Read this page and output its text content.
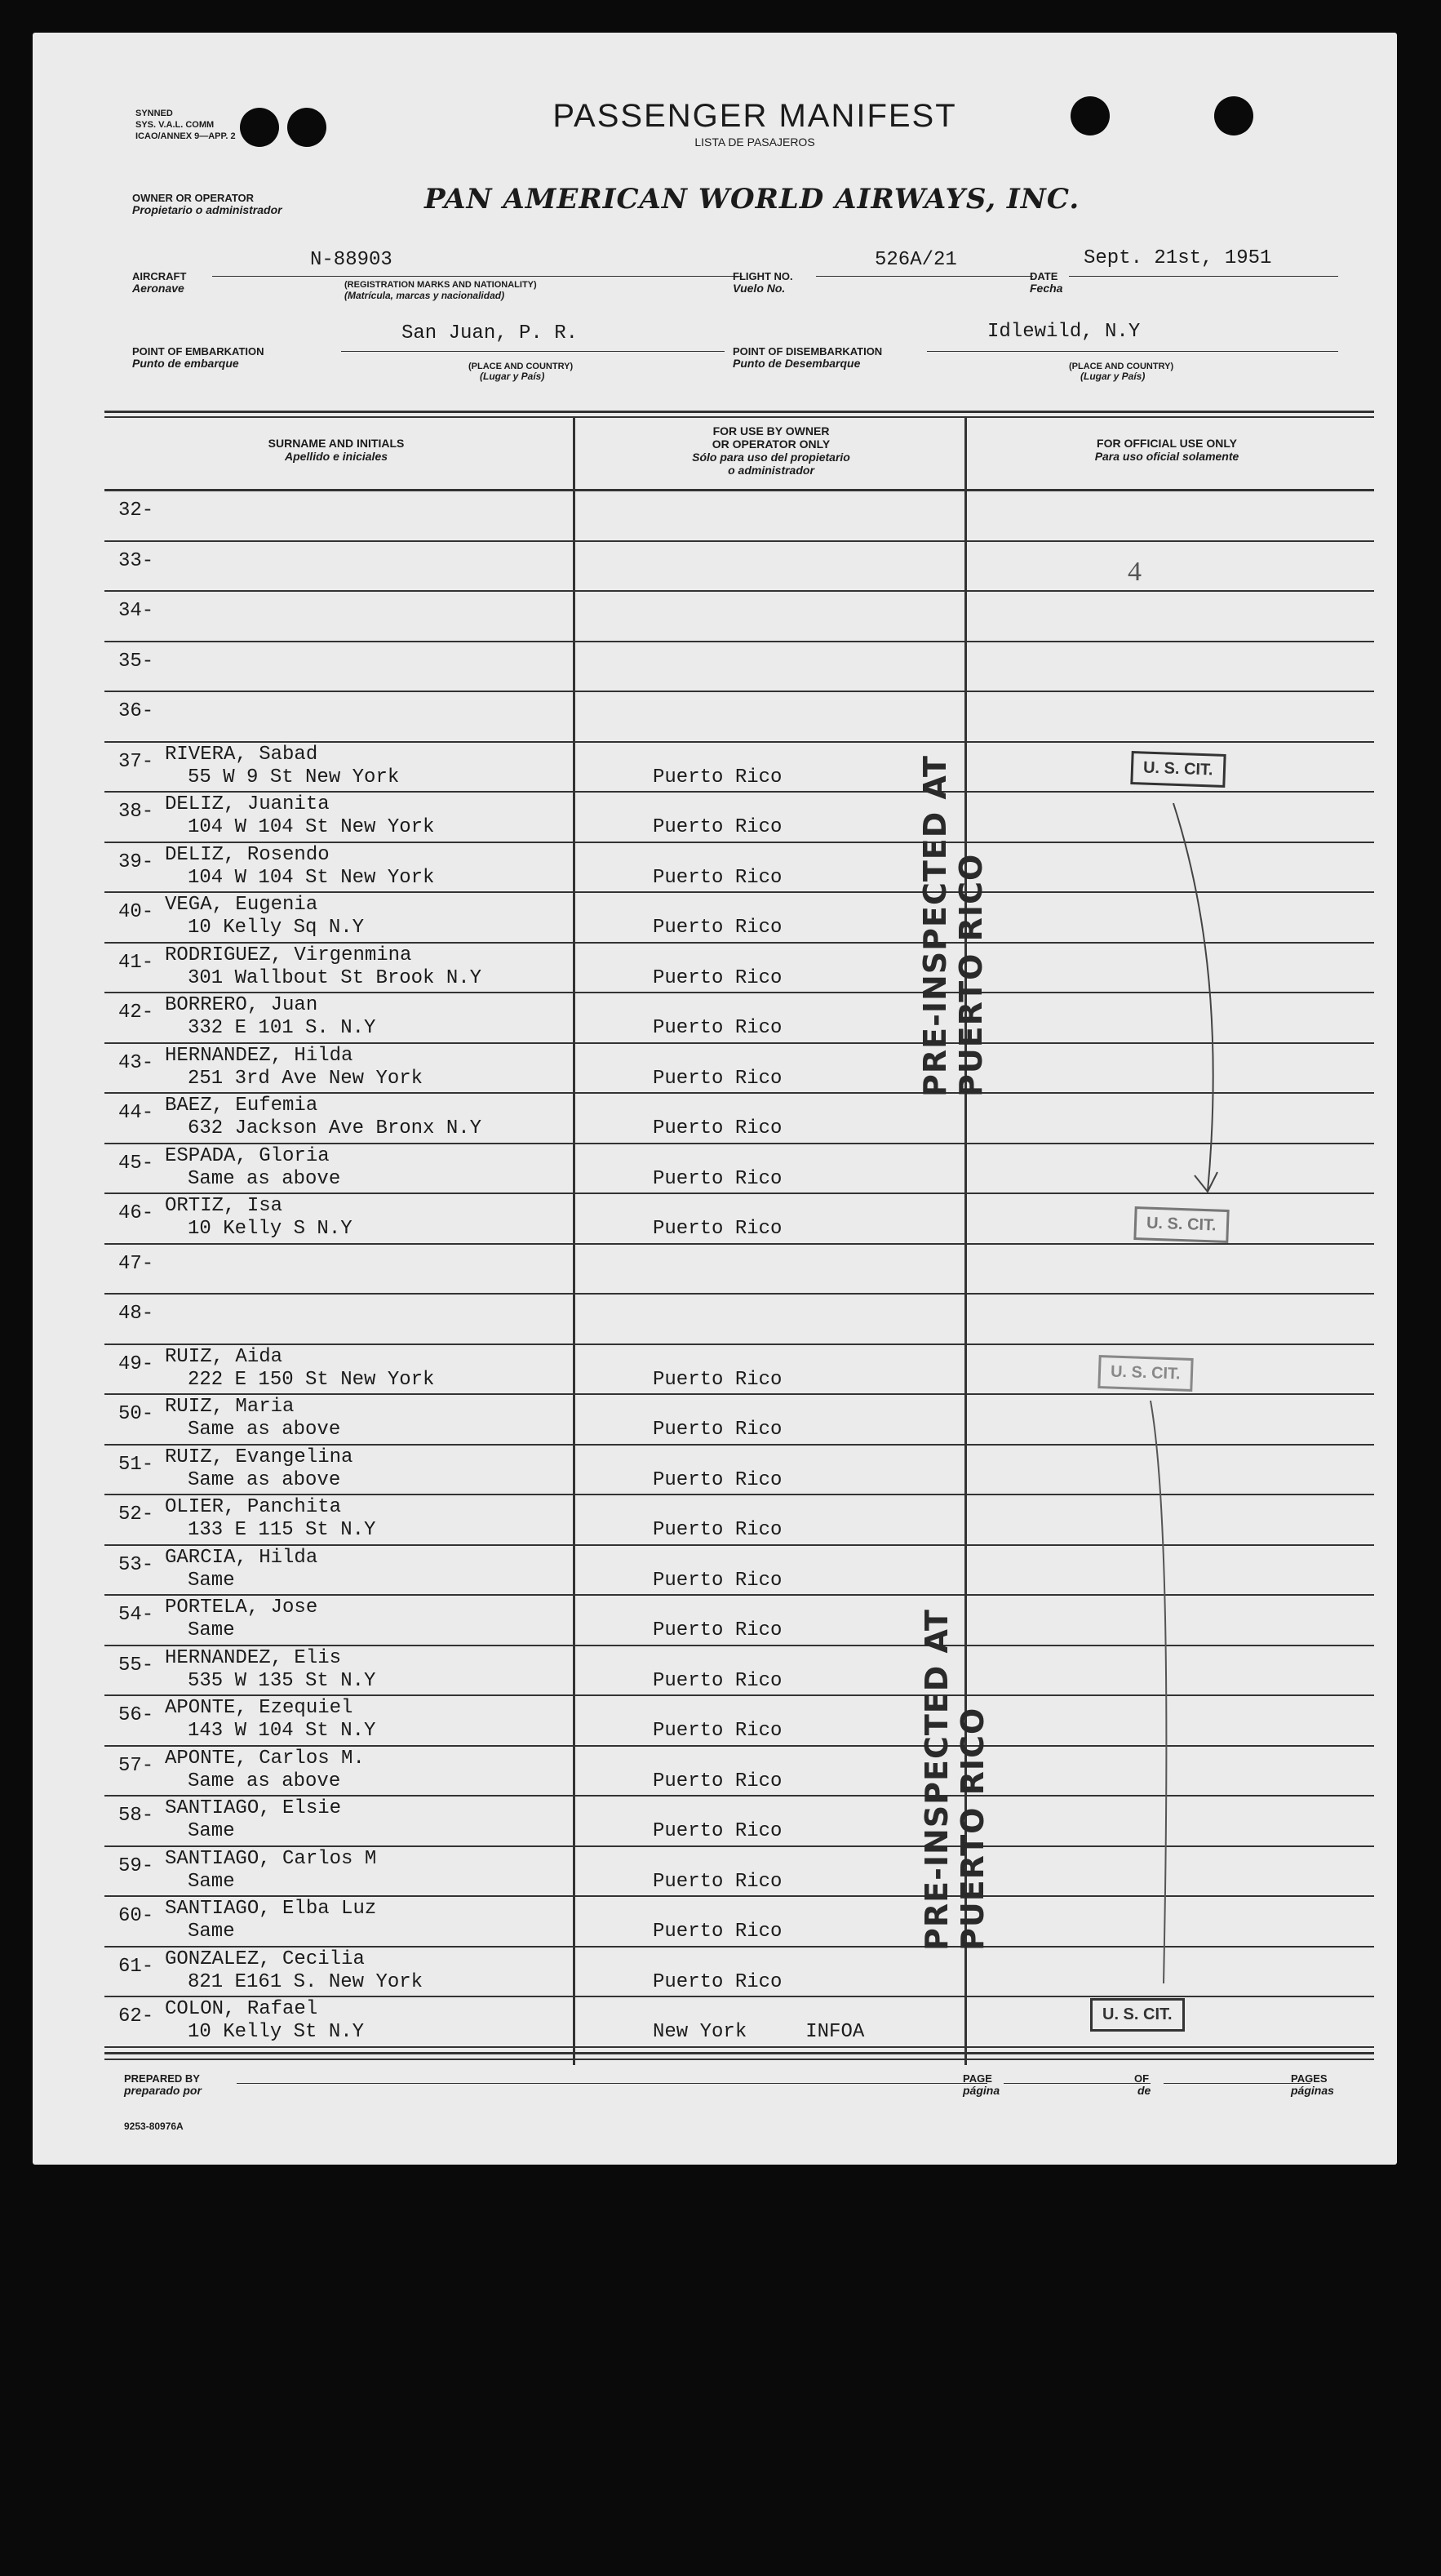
SYNNED
SYS. V.A.L. COMM
ICAO/ANNEX 9—APP. 2
PASSENGER MANIFEST
LISTA DE PASAJEROS
OWNER OR OPERATOR
Propietario o administrador	PAN AMERICAN WORLD AIRWAYS, INC.
AIRCRAFT
Aeronave
N-88903
(REGISTRATION MARKS AND NATIONALITY)
(Matrícula, marcas y nacionalidad)
FLIGHT NO.
Vuelo No.
526A/21
DATE
Fecha
Sept. 21st, 1951
POINT OF EMBARKATION
Punto de embarque
San Juan, P. R.
(PLACE AND COUNTRY)
(Lugar y País)
POINT OF DISEMBARKATION
Punto de Desembarque
Idlewild, N.Y
(PLACE AND COUNTRY)
(Lugar y País)
SURNAME AND INITIALS
Apellido e iniciales
FOR USE BY OWNER
OR OPERATOR ONLY
Sólo para uso del propietario
o administrador
FOR OFFICIAL USE ONLY
Para uso oficial solamente
32-
33-
34-
35-
36-
37- RIVERA, Sabad
55 W 9 St New York	Puerto Rico
38- DELIZ, Juanita
104 W 104 St New York	Puerto Rico
39- DELIZ, Rosendo
104 W 104 St New York	Puerto Rico
40- VEGA, Eugenia
10 Kelly Sq N.Y	Puerto Rico
41- RODRIGUEZ, Virgenmina
301 Wallbout St Brook N.Y	Puerto Rico
42- BORRERO, Juan
332 E 101 S. N.Y	Puerto Rico
43- HERNANDEZ, Hilda
251 3rd Ave New York	Puerto Rico
44- BAEZ, Eufemia
632 Jackson Ave Bronx N.Y	Puerto Rico
45- ESPADA, Gloria
Same as above	Puerto Rico
46- ORTIZ, Isa
10 Kelly S N.Y	Puerto Rico
47-
48-
49- RUIZ, Aida
222 E 150 St New York	Puerto Rico
50- RUIZ, Maria
Same as above	Puerto Rico
51- RUIZ, Evangelina
Same as above	Puerto Rico
52- OLIER, Panchita
133 E 115 St N.Y	Puerto Rico
53- GARCIA, Hilda
Same	Puerto Rico
54- PORTELA, Jose
Same	Puerto Rico
55- HERNANDEZ, Elis
535 W 135 St N.Y	Puerto Rico
56- APONTE, Ezequiel
143 W 104 St N.Y	Puerto Rico
57- APONTE, Carlos M.
Same as above	Puerto Rico
58- SANTIAGO, Elsie
Same	Puerto Rico
59- SANTIAGO, Carlos M
Same	Puerto Rico
60- SANTIAGO, Elba Luz
Same	Puerto Rico
61- GONZALEZ, Cecilia
821 E161 S. New York	Puerto Rico
62- COLON, Rafael
10 Kelly St N.Y	New York     INFOA
4
PRE-INSPECTED AT PUERTO RICO
PRE-INSPECTED AT PUERTO RICO
U. S. CIT.
U. S. CIT.
U. S. CIT.
U. S. CIT.
PREPARED BY
preparado por
PAGE
página
OF
de
PAGES
páginas
9253-80976A
